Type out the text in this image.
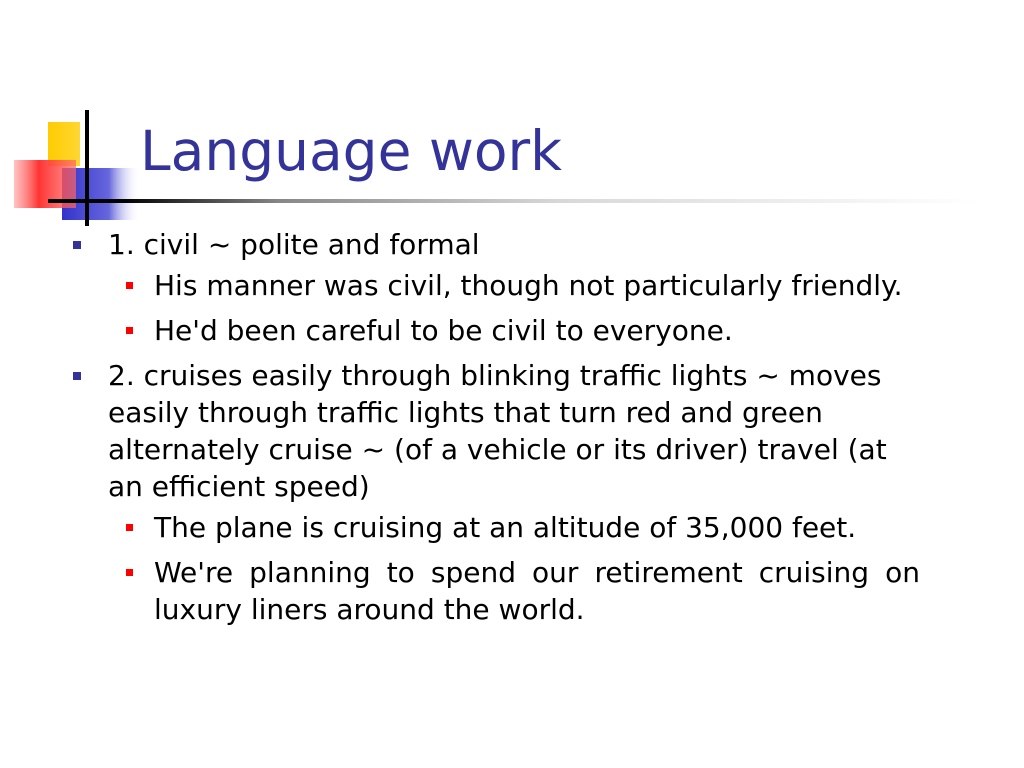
Language work
1. civil ~ polite and formal
His manner was civil, though not particularly friendly.
He'd been careful to be civil to everyone.
2. cruises easily through blinking traffic lights ~ moves easily through traffic lights that turn red and green alternately cruise ~ (of a vehicle or its driver) travel (at an efficient speed)
The plane is cruising at an altitude of 35,000 feet.
We're planning to spend our retirement cruising on luxury liners around the world.
